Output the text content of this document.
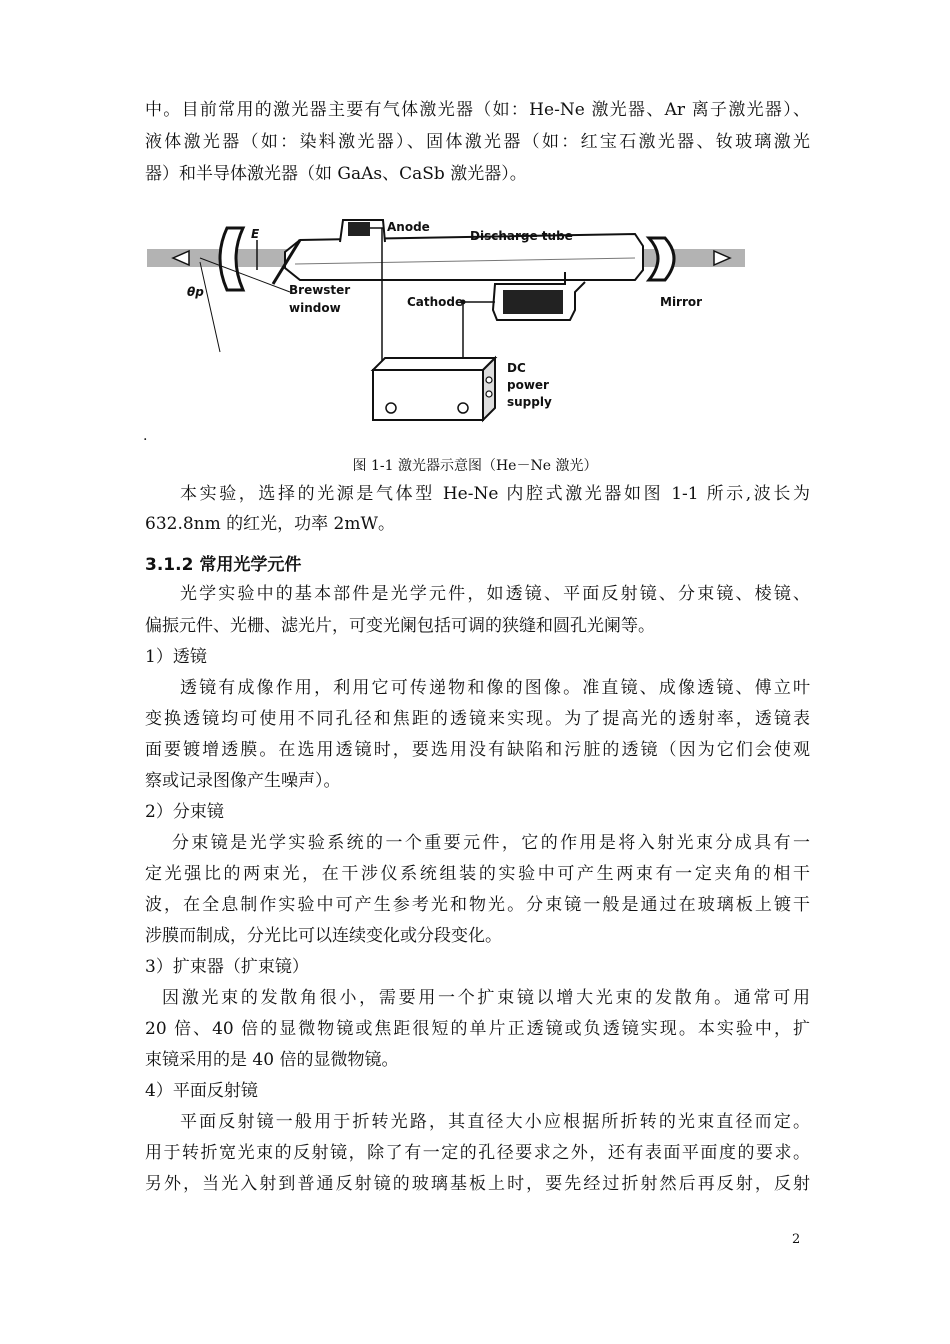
中。目前常用的激光器主要有气体激光器（如：He-Ne 激光器、Ar 离子激光器）、
液体激光器（如：染料激光器）、固体激光器（如：红宝石激光器、钕玻璃激光
器）和半导体激光器（如 GaAs、CaSb 激光器）。
Anode
Discharge tube
Brewster
window	Cathode	Mirror
DC
power
supply
E
θp
.
图 1-1 激光器示意图（He－Ne 激光）
本实验，选择的光源是气体型 He-Ne 内腔式激光器如图 1-1 所示,波长为
632.8nm 的红光，功率 2mW。
3.1.2 常用光学元件
光学实验中的基本部件是光学元件，如透镜、平面反射镜、分束镜、棱镜、
偏振元件、光栅、滤光片，可变光阑包括可调的狭缝和圆孔光阑等。
1）透镜
透镜有成像作用，利用它可传递物和像的图像。准直镜、成像透镜、傅立叶
变换透镜均可使用不同孔径和焦距的透镜来实现。为了提高光的透射率，透镜表
面要镀增透膜。在选用透镜时，要选用没有缺陷和污脏的透镜（因为它们会使观
察或记录图像产生噪声）。
2）分束镜
分束镜是光学实验系统的一个重要元件，它的作用是将入射光束分成具有一
定光强比的两束光，在干涉仪系统组装的实验中可产生两束有一定夹角的相干
波，在全息制作实验中可产生参考光和物光。分束镜一般是通过在玻璃板上镀干
涉膜而制成，分光比可以连续变化或分段变化。
3）扩束器（扩束镜）
因激光束的发散角很小，需要用一个扩束镜以增大光束的发散角。通常可用
20 倍、40 倍的显微物镜或焦距很短的单片正透镜或负透镜实现。本实验中，扩
束镜采用的是 40 倍的显微物镜。
4）平面反射镜
平面反射镜一般用于折转光路，其直径大小应根据所折转的光束直径而定。
用于转折宽光束的反射镜，除了有一定的孔径要求之外，还有表面平面度的要求。
另外，当光入射到普通反射镜的玻璃基板上时，要先经过折射然后再反射，反射
2
